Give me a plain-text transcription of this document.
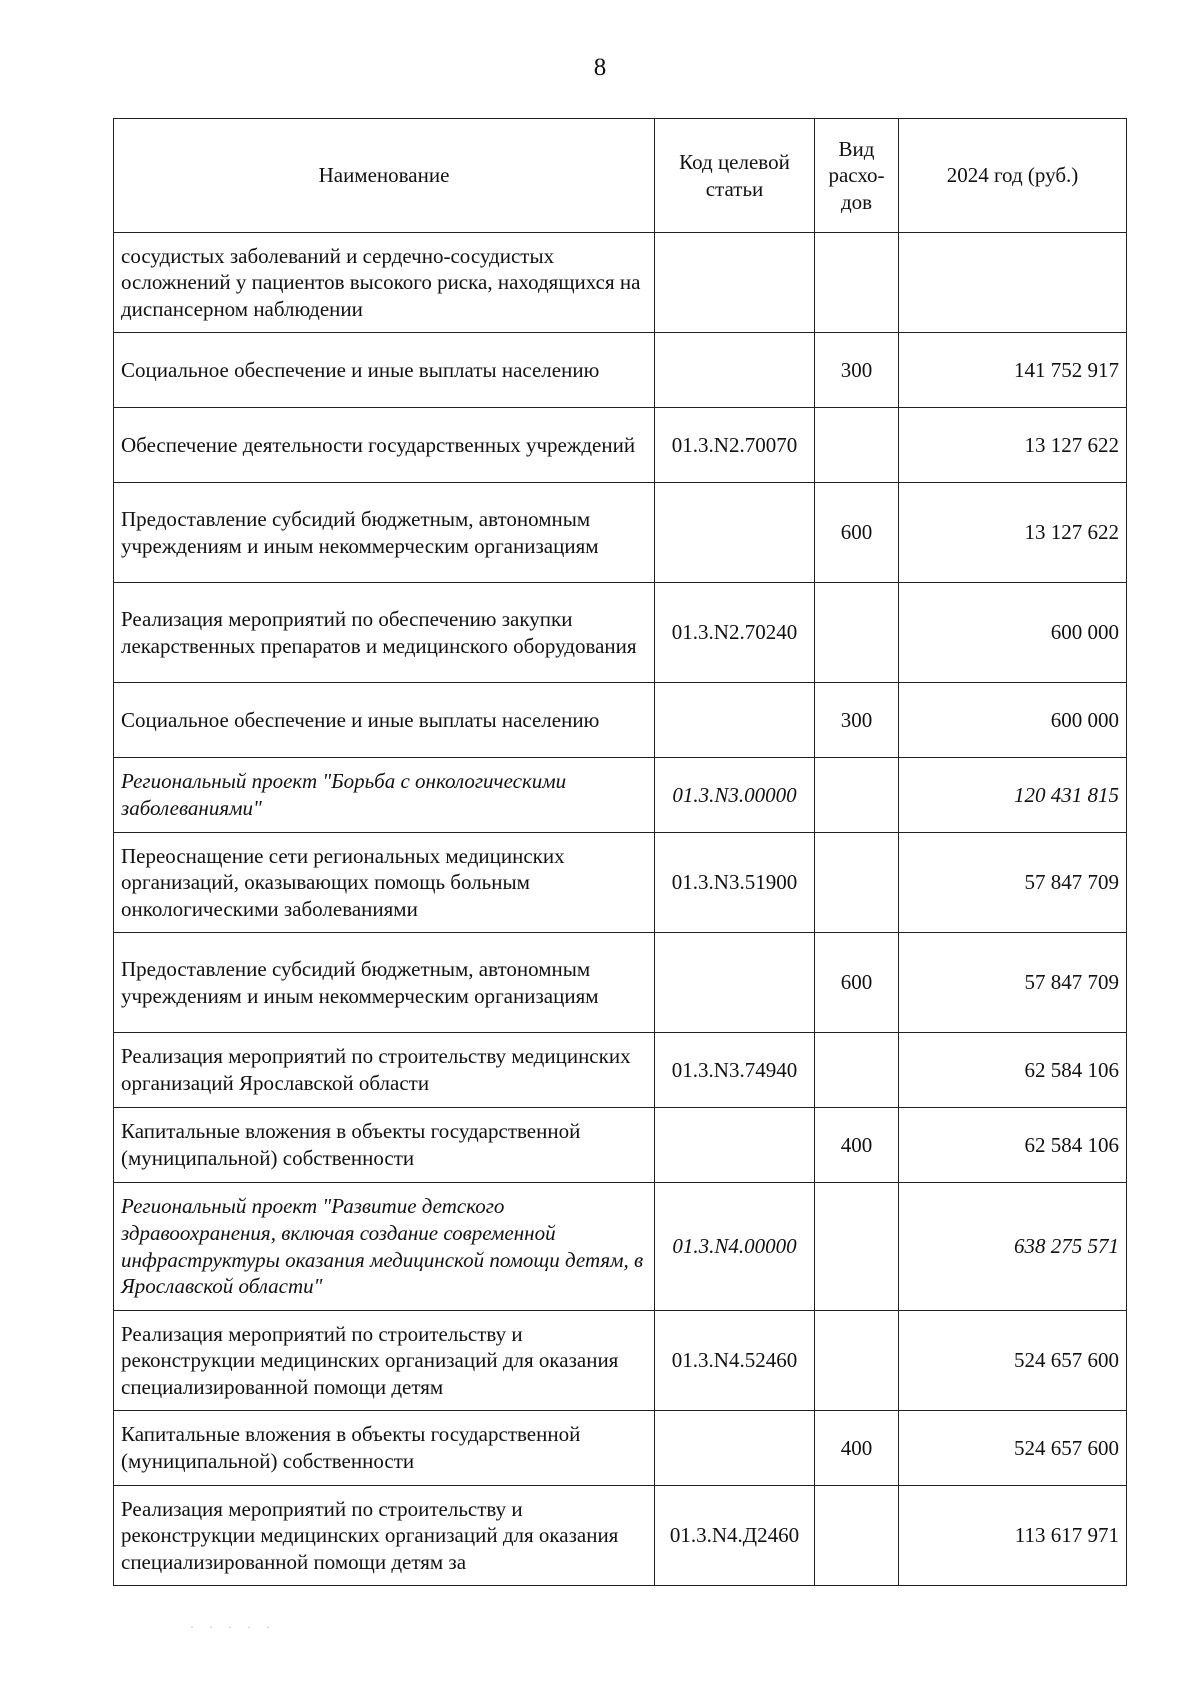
8
Наименование	Код целевой статьи	Вид расхо-дов	2024 год (руб.)
сосудистых заболеваний и сердечно-сосудистых осложнений у пациентов высокого риска, находящихся на диспансерном наблюдении			
Социальное обеспечение и иные выплаты населению		300	141 752 917
Обеспечение деятельности государственных учреждений	01.3.N2.70070		13 127 622
Предоставление субсидий бюджетным, автономным учреждениям и иным некоммерческим организациям		600	13 127 622
Реализация мероприятий по обеспечению закупки лекарственных препаратов и медицинского оборудования	01.3.N2.70240		600 000
Социальное обеспечение и иные выплаты населению		300	600 000
Региональный проект "Борьба с онкологическими заболеваниями"	01.3.N3.00000		120 431 815
Переоснащение сети региональных медицинских организаций, оказывающих помощь больным онкологическими заболеваниями	01.3.N3.51900		57 847 709
Предоставление субсидий бюджетным, автономным учреждениям и иным некоммерческим организациям		600	57 847 709
Реализация мероприятий по строительству медицинских организаций Ярославской области	01.3.N3.74940		62 584 106
Капитальные вложения в объекты государственной (муниципальной) собственности		400	62 584 106
Региональный проект "Развитие детского здравоохранения, включая создание современной инфраструктуры оказания медицинской помощи детям, в Ярославской области"	01.3.N4.00000		638 275 571
Реализация мероприятий по строительству и реконструкции медицинских организаций для оказания специализированной помощи детям	01.3.N4.52460		524 657 600
Капитальные вложения в объекты государственной (муниципальной) собственности		400	524 657 600
Реализация мероприятий по строительству и реконструкции медицинских организаций для оказания специализированной помощи детям за	01.3.N4.Д2460		113 617 971
· · · · ·
